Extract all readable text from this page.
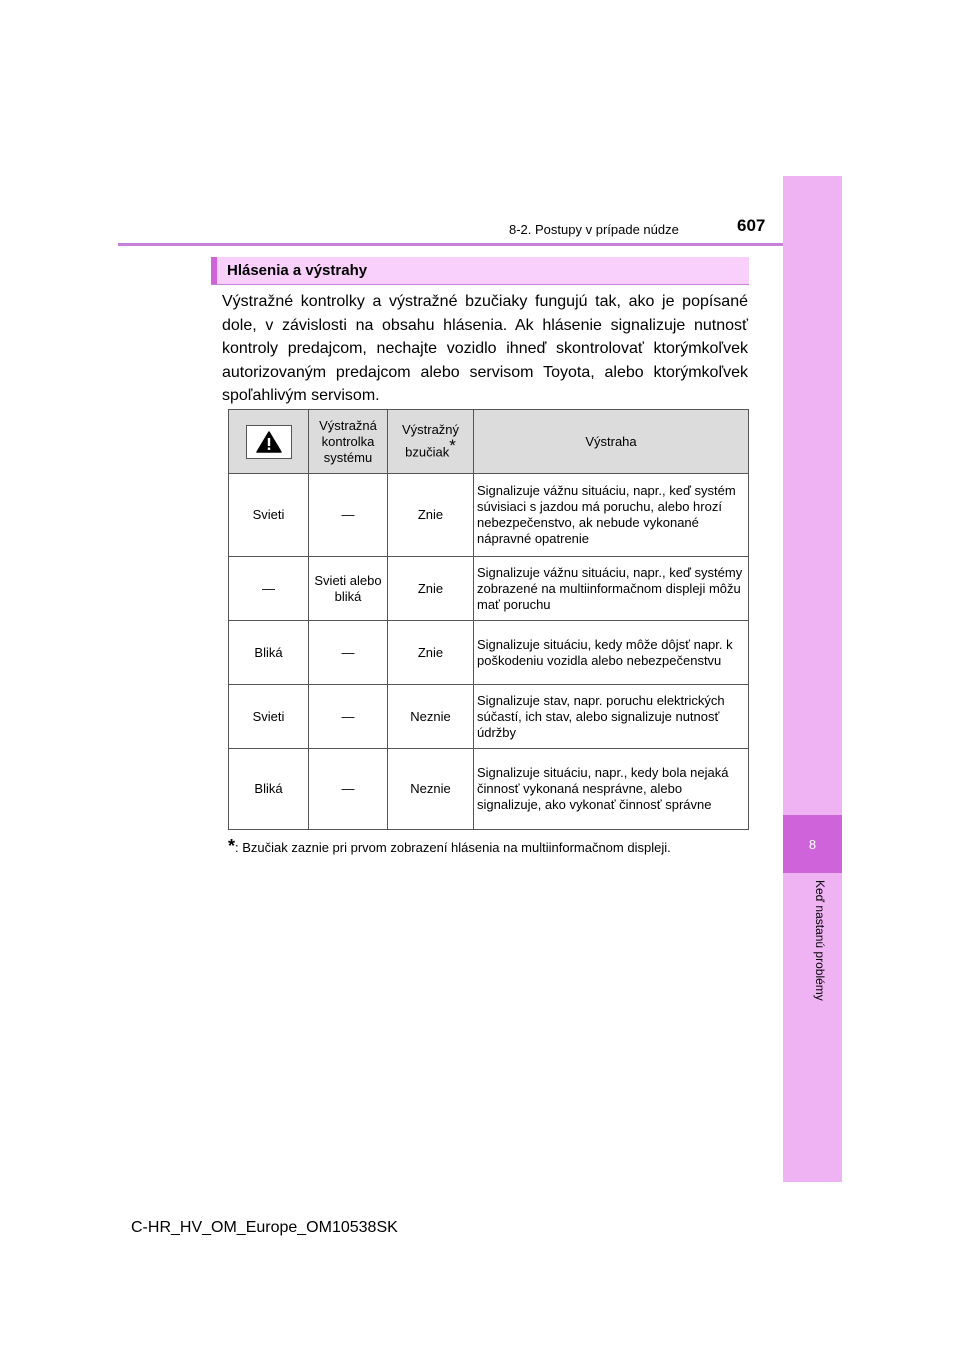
8
Keď nastanú problémy
8-2. Postupy v prípade núdze	607
Hlásenia a výstrahy
Výstražné kontrolky a výstražné bzučiaky fungujú tak, ako je popísané dole, v závislosti na obsahu hlásenia. Ak hlásenie signalizuje nutnosť kontroly predajcom, nechajte vozidlo ihneď skontrolovať ktorýmkoľvek autorizovaným predajcom alebo servisom Toyota, alebo ktorýmkoľvek spoľahlivým servisom.
	Výstražná kontrolka systému	Výstražný bzučiak*	Výstraha
Svieti	—	Znie	Signalizuje vážnu situáciu, napr., keď systém súvisiaci s jazdou má poruchu, alebo hrozí nebezpečenstvo, ak nebude vykonané nápravné opatrenie
—	Svieti alebo bliká	Znie	Signalizuje vážnu situáciu, napr., keď systémy zobrazené na multiinformačnom displeji môžu mať poruchu
Bliká	—	Znie	Signalizuje situáciu, kedy môže dôjsť napr. k poškodeniu vozidla alebo nebezpečenstvu
Svieti	—	Neznie	Signalizuje stav, napr. poruchu elektrických súčastí, ich stav, alebo signalizuje nutnosť údržby
Bliká	—	Neznie	Signalizuje situáciu, napr., kedy bola nejaká činnosť vykonaná nesprávne, alebo signalizuje, ako vykonať činnosť správne
*: Bzučiak zaznie pri prvom zobrazení hlásenia na multiinformačnom displeji.
C-HR_HV_OM_Europe_OM10538SK
